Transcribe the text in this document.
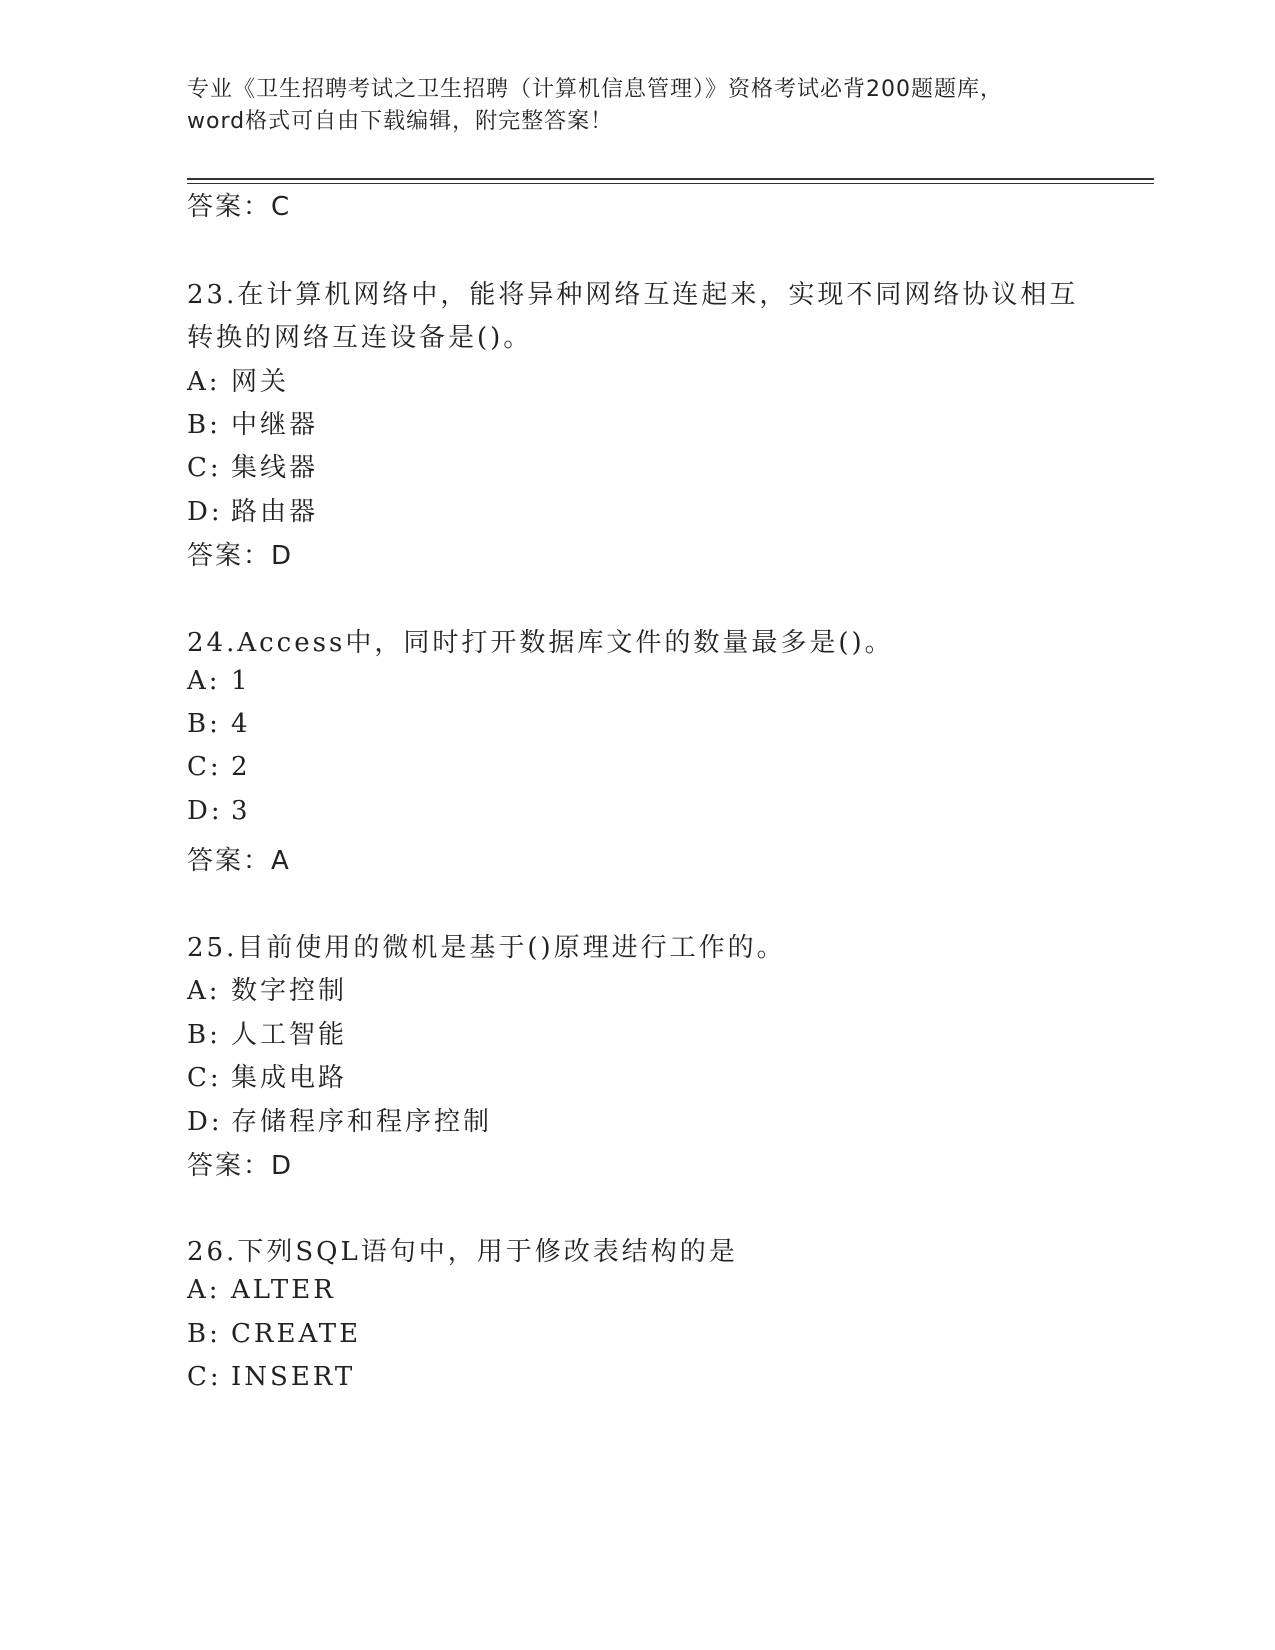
专业《卫生招聘考试之卫生招聘（计算机信息管理）》资格考试必背200题题库，
word格式可自由下载编辑，附完整答案！
答案：C
23.在计算机网络中，能将异种网络互连起来，实现不同网络协议相互
转换的网络互连设备是()。
A: 网关
B: 中继器
C: 集线器
D: 路由器
答案：D
24.Access中，同时打开数据库文件的数量最多是()。
A: 1
B: 4
C: 2
D: 3
答案：A
25.目前使用的微机是基于()原理进行工作的。
A: 数字控制
B: 人工智能
C: 集成电路
D: 存储程序和程序控制
答案：D
26.下列SQL语句中，用于修改表结构的是
A: ALTER
B: CREATE
C: INSERT
